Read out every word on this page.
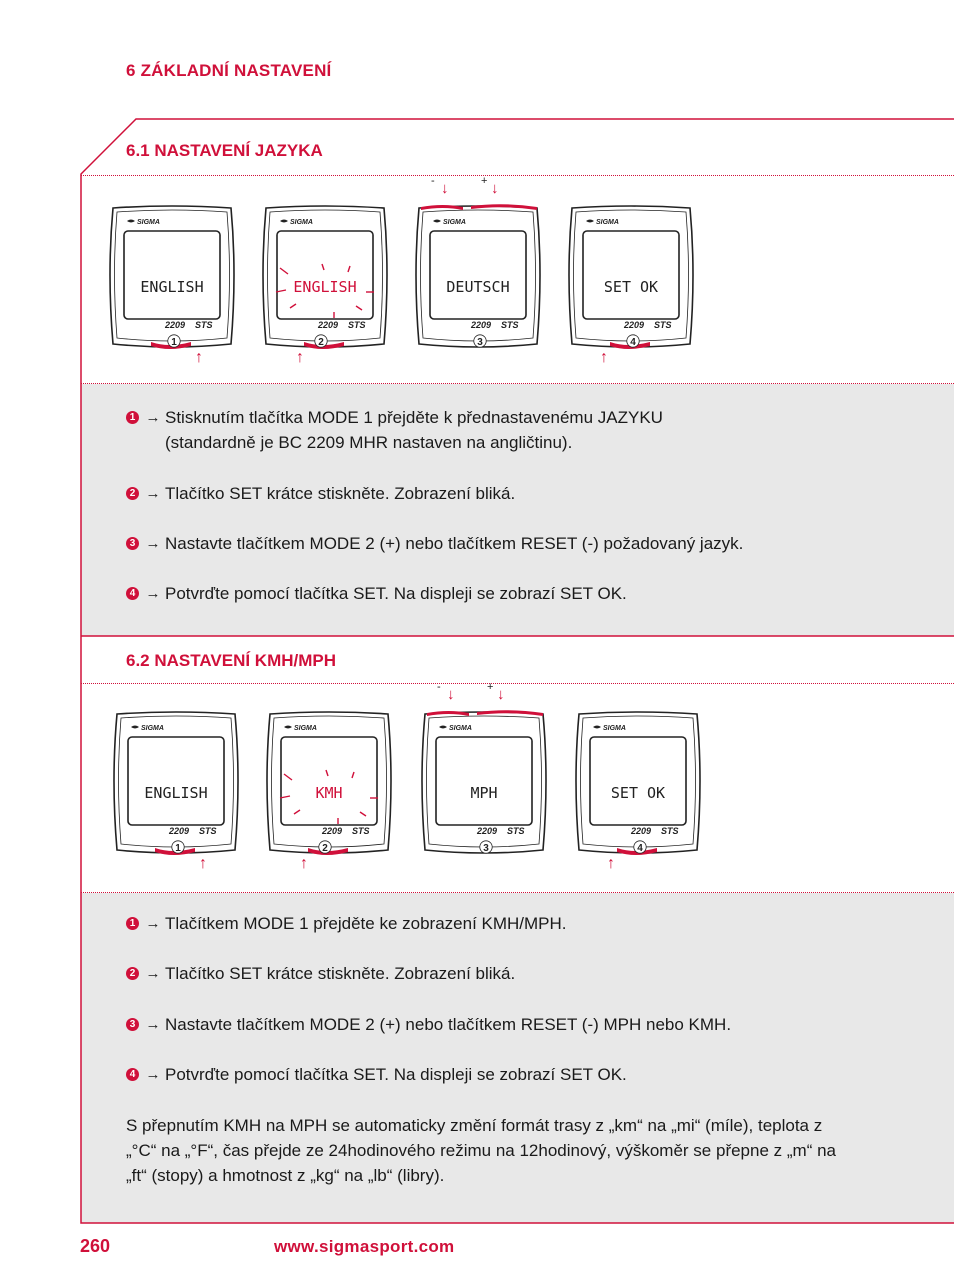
6 ZÁKLADNÍ NASTAVENÍ
6.1 NASTAVENÍ JAZYKA
6.2 NASTAVENÍ KMH/MPH
SIGMA
2209 STS
ENGLISH
1
↑
SIGMA
2209 STS
ENGLISH
2
↑
SIGMA
2209 STS
DEUTSCH
3
SIGMA
2209 STS
SET OK
4
↑
- ↓	+ ↓
SIGMA
2209 STS
ENGLISH
1
↑
SIGMA
2209 STS
KMH
2
↑
SIGMA
2209 STS
MPH
3
SIGMA
2209 STS
SET OK
4
↑
- ↓	+ ↓
1 → Stisknutím tlačítka MODE 1 přejděte k přednastavenému JAZYKU
(standardně je BC 2209 MHR nastaven na angličtinu).
2 → Tlačítko SET krátce stiskněte. Zobrazení bliká.
3 → Nastavte tlačítkem MODE 2 (+) nebo tlačítkem RESET (-) požadovaný jazyk.
4 → Potvrďte pomocí tlačítka SET. Na displeji se zobrazí SET OK.
1 → Tlačítkem MODE 1 přejděte ke zobrazení KMH/MPH.
2 → Tlačítko SET krátce stiskněte. Zobrazení bliká.
3 → Nastavte tlačítkem MODE 2 (+) nebo tlačítkem RESET (-) MPH nebo KMH.
4 → Potvrďte pomocí tlačítka SET. Na displeji se zobrazí SET OK.
S přepnutím KMH na MPH se automaticky změní formát trasy z „km“ na „mi“ (míle), teplota z „°C“ na „°F“, čas přejde ze 24hodinového režimu na 12hodinový, výškoměr se přepne z „m“ na „ft“ (stopy) a hmotnost z „kg“ na „lb“ (libry).
260	www.sigmasport.com
